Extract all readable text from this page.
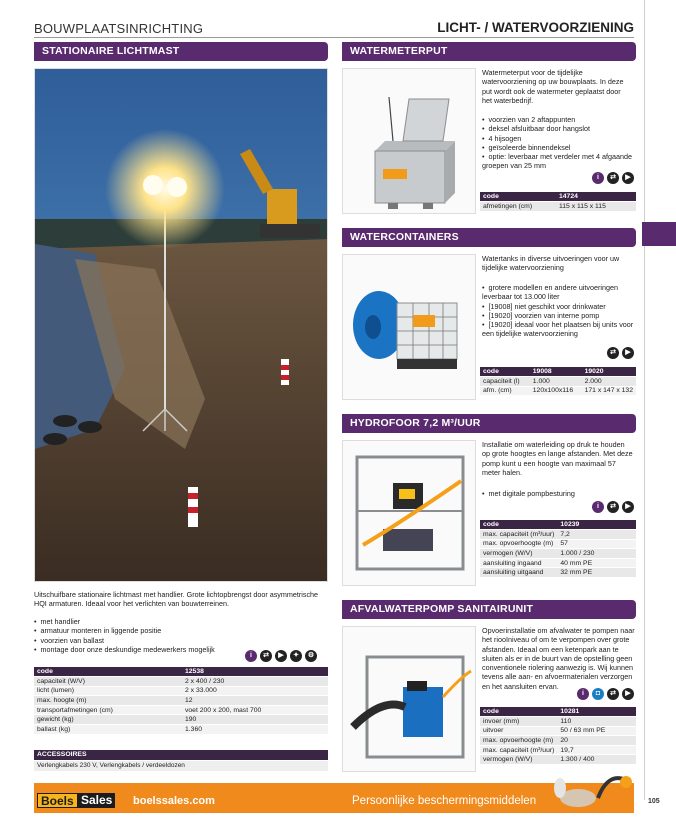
BOUWPLAATSINRICHTING	LICHT- / WATERVOORZIENING
STATIONAIRE LICHTMAST
Uitschuifbare stationaire lichtmast met handlier. Grote lichtopbrengst door asymmetrische HQI armaturen. Ideaal voor het verlichten van bouwterreinen.
• met handlier
• armatuur monteren in liggende positie
• voorzien van ballast
• montage door onze deskundige medewerkers mogelijk
i	⇄	▶	✦	⚙
code	12538
capaciteit (W/V)	2 x 400 / 230
licht (lumen)	2 x 33.000
max. hoogte (m)	12
transportafmetingen (cm)	voet 200 x 200, mast 700
gewicht (kg)	190
ballast (kg)	1.360
ACCESSOIRES
Verlengkabels 230 V, Verlengkabels / verdeeldozen
WATERMETERPUT
Watermeterput voor de tijdelijke watervoorziening op uw bouwplaats. In deze put wordt ook de watermeter geplaatst door het waterbedrijf.
• voorzien van 2 aftappunten
• deksel afsluitbaar door hangslot
• 4 hijsogen
• geïsoleerde binnendeksel
• optie: leverbaar met verdeler met 4 afgaande groepen van 25 mm
i	⇄	▶
code	14724
afmetingen (cm)	115 x 115 x 115
WATERCONTAINERS
Watertanks in diverse uitvoeringen voor uw tijdelijke watervoorziening
• grotere modellen en andere uitvoeringen leverbaar tot 13.000 liter
• [19008] niet geschikt voor drinkwater
• [19020] voorzien van interne pomp
• [19020] ideaal voor het plaatsen bij units voor een tijdelijke watervoorziening
⇄	▶
code	19008	19020
capaciteit (l)	1.000	2.000
afm. (cm)	120x100x116	171 x 147 x 132
HYDROFOOR 7,2 M³/UUR
Installatie om waterleiding op druk te houden op grote hoogtes en lange afstanden. Met deze pomp kunt u een hoogte van maximaal 57 meter halen.
• met digitale pompbesturing
i	⇄	▶
code	10239
max. capaciteit (m³/uur)	7,2
max. opvoerhoogte (m)	57
vermogen (W/V)	1.000 / 230
aansluiting ingaand	40 mm PE
aansluiting uitgaand	32 mm PE
AFVALWATERPOMP SANITAIRUNIT
Opvoerinstallatie om afvalwater te pompen naar het riooIniveau of om te verpompen over grote afstanden. Ideaal om een ketenpark aan te sluiten als er in de buurt van de opstelling geen conventionele riolering aanwezig is. Wij kunnen tevens alle aan- en afvoermaterialen verzorgen en het aansluiten ervan.
i	◘	⇄	▶
code	10281
invoer (mm)	110
uitvoer	50 / 63 mm PE
max. opvoerhoogte (m)	20
max. capaciteit (m³/uur)	19,7
vermogen (W/V)	1.300 / 400
Boels Sales boelssales.com	Persoonlijke beschermingsmiddelen	105
